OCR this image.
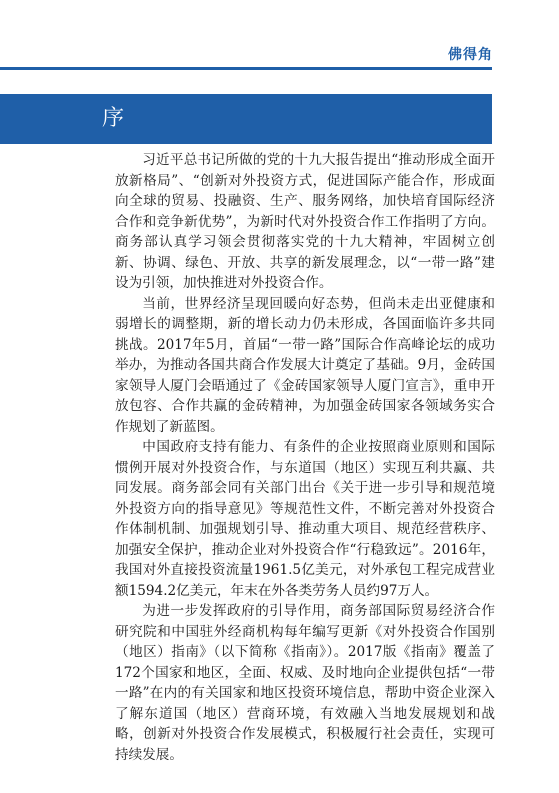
佛得角
序

习近平总书记所做的党的十九大报告提出“推动形成全面开放新格局”、“创新对外投资方式，促进国际产能合作，形成面向全球的贸易、投融资、生产、服务网络，加快培育国际经济合作和竞争新优势”，为新时代对外投资合作工作指明了方向。商务部认真学习领会贯彻落实党的十九大精神，牢固树立创新、协调、绿色、开放、共享的新发展理念，以“一带一路”建设为引领，加快推进对外投资合作。

当前，世界经济呈现回暖向好态势，但尚未走出亚健康和弱增长的调整期，新的增长动力仍未形成，各国面临许多共同挑战。2017年5月，首届“一带一路”国际合作高峰论坛的成功举办，为推动各国共商合作发展大计奠定了基础。9月，金砖国家领导人厦门会晤通过了《金砖国家领导人厦门宣言》，重申开放包容、合作共赢的金砖精神，为加强金砖国家各领域务实合作规划了新蓝图。

中国政府支持有能力、有条件的企业按照商业原则和国际惯例开展对外投资合作，与东道国（地区）实现互利共赢、共同发展。商务部会同有关部门出台《关于进一步引导和规范境外投资方向的指导意见》等规范性文件，不断完善对外投资合作体制机制、加强规划引导、推动重大项目、规范经营秩序、加强安全保护，推动企业对外投资合作“行稳致远”。2016年，我国对外直接投资流量1961.5亿美元，对外承包工程完成营业额1594.2亿美元，年末在外各类劳务人员约97万人。

为进一步发挥政府的引导作用，商务部国际贸易经济合作研究院和中国驻外经商机构每年编写更新《对外投资合作国别（地区）指南》（以下简称《指南》）。2017版《指南》覆盖了172个国家和地区，全面、权威、及时地向企业提供包括“一带一路”在内的有关国家和地区投资环境信息，帮助中资企业深入了解东道国（地区）营商环境，有效融入当地发展规划和战略，创新对外投资合作发展模式，积极履行社会责任，实现可持续发展。
